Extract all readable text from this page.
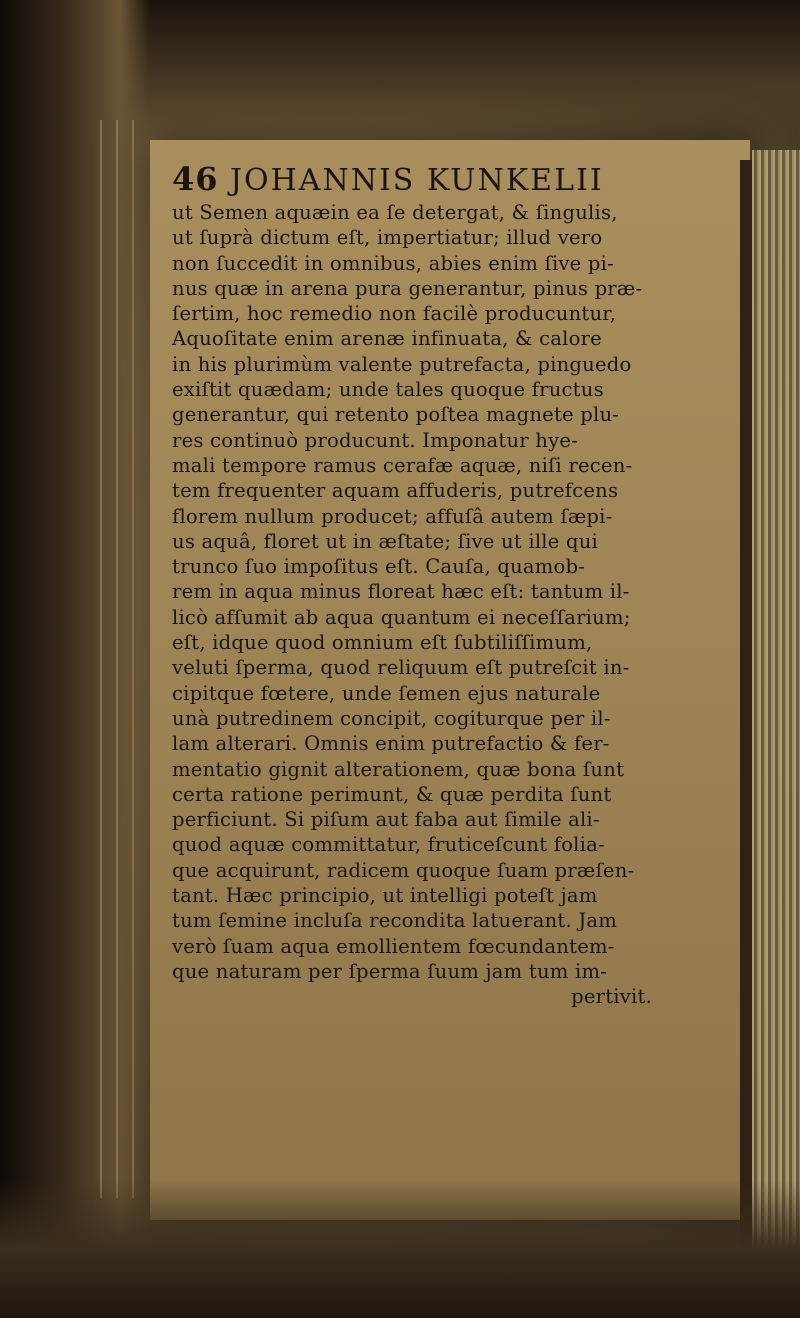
46 JOHANNIS KUNKELII
ut Semen aquæin ea ſe detergat, & ſingulis,
ut ſuprà dictum eſt, impertiatur; illud vero
non ſuccedit in omnibus, abies enim ſive pi-
nus quæ in arena pura generantur, pinus præ-
ſertim, hoc remedio non facilè producuntur,
Aquoſitate enim arenæ infinuata, & calore
in his plurimùm valente putrefacta, pinguedo
exiſtit quædam; unde tales quoque fructus
generantur, qui retento poſtea magnete plu-
res continuò producunt. Imponatur hye-
mali tempore ramus cerafæ aquæ, niſi recen-
tem frequenter aquam affuderis, putrefcens
florem nullum producet; affuſâ autem ſæpi-
us aquâ, floret ut in æſtate; ſive ut ille qui
trunco ſuo impoſitus eſt. Cauſa, quamob-
rem in aqua minus floreat hæc eſt: tantum il-
licò afſumit ab aqua quantum ei neceſſarium;
eſt, idque quod omnium eſt ſubtiliſſimum,
veluti ſperma, quod reliquum eſt putreſcit in-
cipitque fœtere, unde ſemen ejus naturale
unà putredinem concipit, cogiturque per il-
lam alterari. Omnis enim putrefactio & fer-
mentatio gignit alterationem, quæ bona ſunt
certa ratione perimunt, & quæ perdita ſunt
perficiunt. Si piſum aut faba aut ſimile ali-
quod aquæ committatur, fruticeſcunt folia-
que acquirunt, radicem quoque ſuam præſen-
tant. Hæc principio, ut intelligi poteſt jam
tum ſemine incluſa recondita latuerant. Jam
verò ſuam aqua emollientem fœcundantem-
que naturam per ſperma ſuum jam tum im-
pertivit.
